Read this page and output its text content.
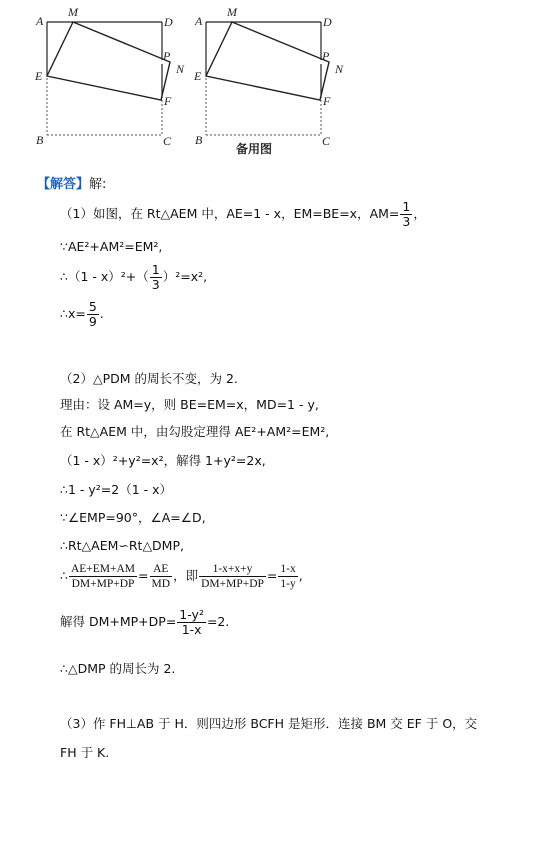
A
M
D
P
N
E
F
B	C
A
M
D
P
N
E
F
B	C
备用图
【解答】解:
（1）如图，在 Rt△AEM 中，AE=1 - x，EM=BE=x，$AM= \frac{1}{3}$ ，
∵AE²+AM²=EM²,
∴（1 - $x)^2+( \frac{1}{3} )^2=x^2$,
∴x= $\frac{5}{9}$ .
（2）△PDM 的周长不变，为 2.
理由：设 AM=y，则 BE=EM=x，MD=1 - y,
在 Rt△AEM 中，由勾股定理得 AE²+AM²=EM²,
（1 - x）²+y²=x²，解得 1+y²=2x,
∴1 - y²=2（1 - x）
∵∠EMP=90°，∠A=∠D,
∴Rt△AEM∽Rt△DMP,
∴ $\frac{AE+EM+AM}{DM+MP+DP} = \frac{AE}{MD}$ ，即 $\frac{1-x+x+y}{DM+MP+DP} = \frac{1-x}{1-y}$ ,
解得 $DM+MP+DP= \frac{\text{1-y²}}{1-x} =2$.
∴△DMP 的周长为 2.
（3）作 FH⊥AB 于 H．则四边形 BCFH 是矩形．连接 BM 交 EF 于 O，交
FH 于 K.
